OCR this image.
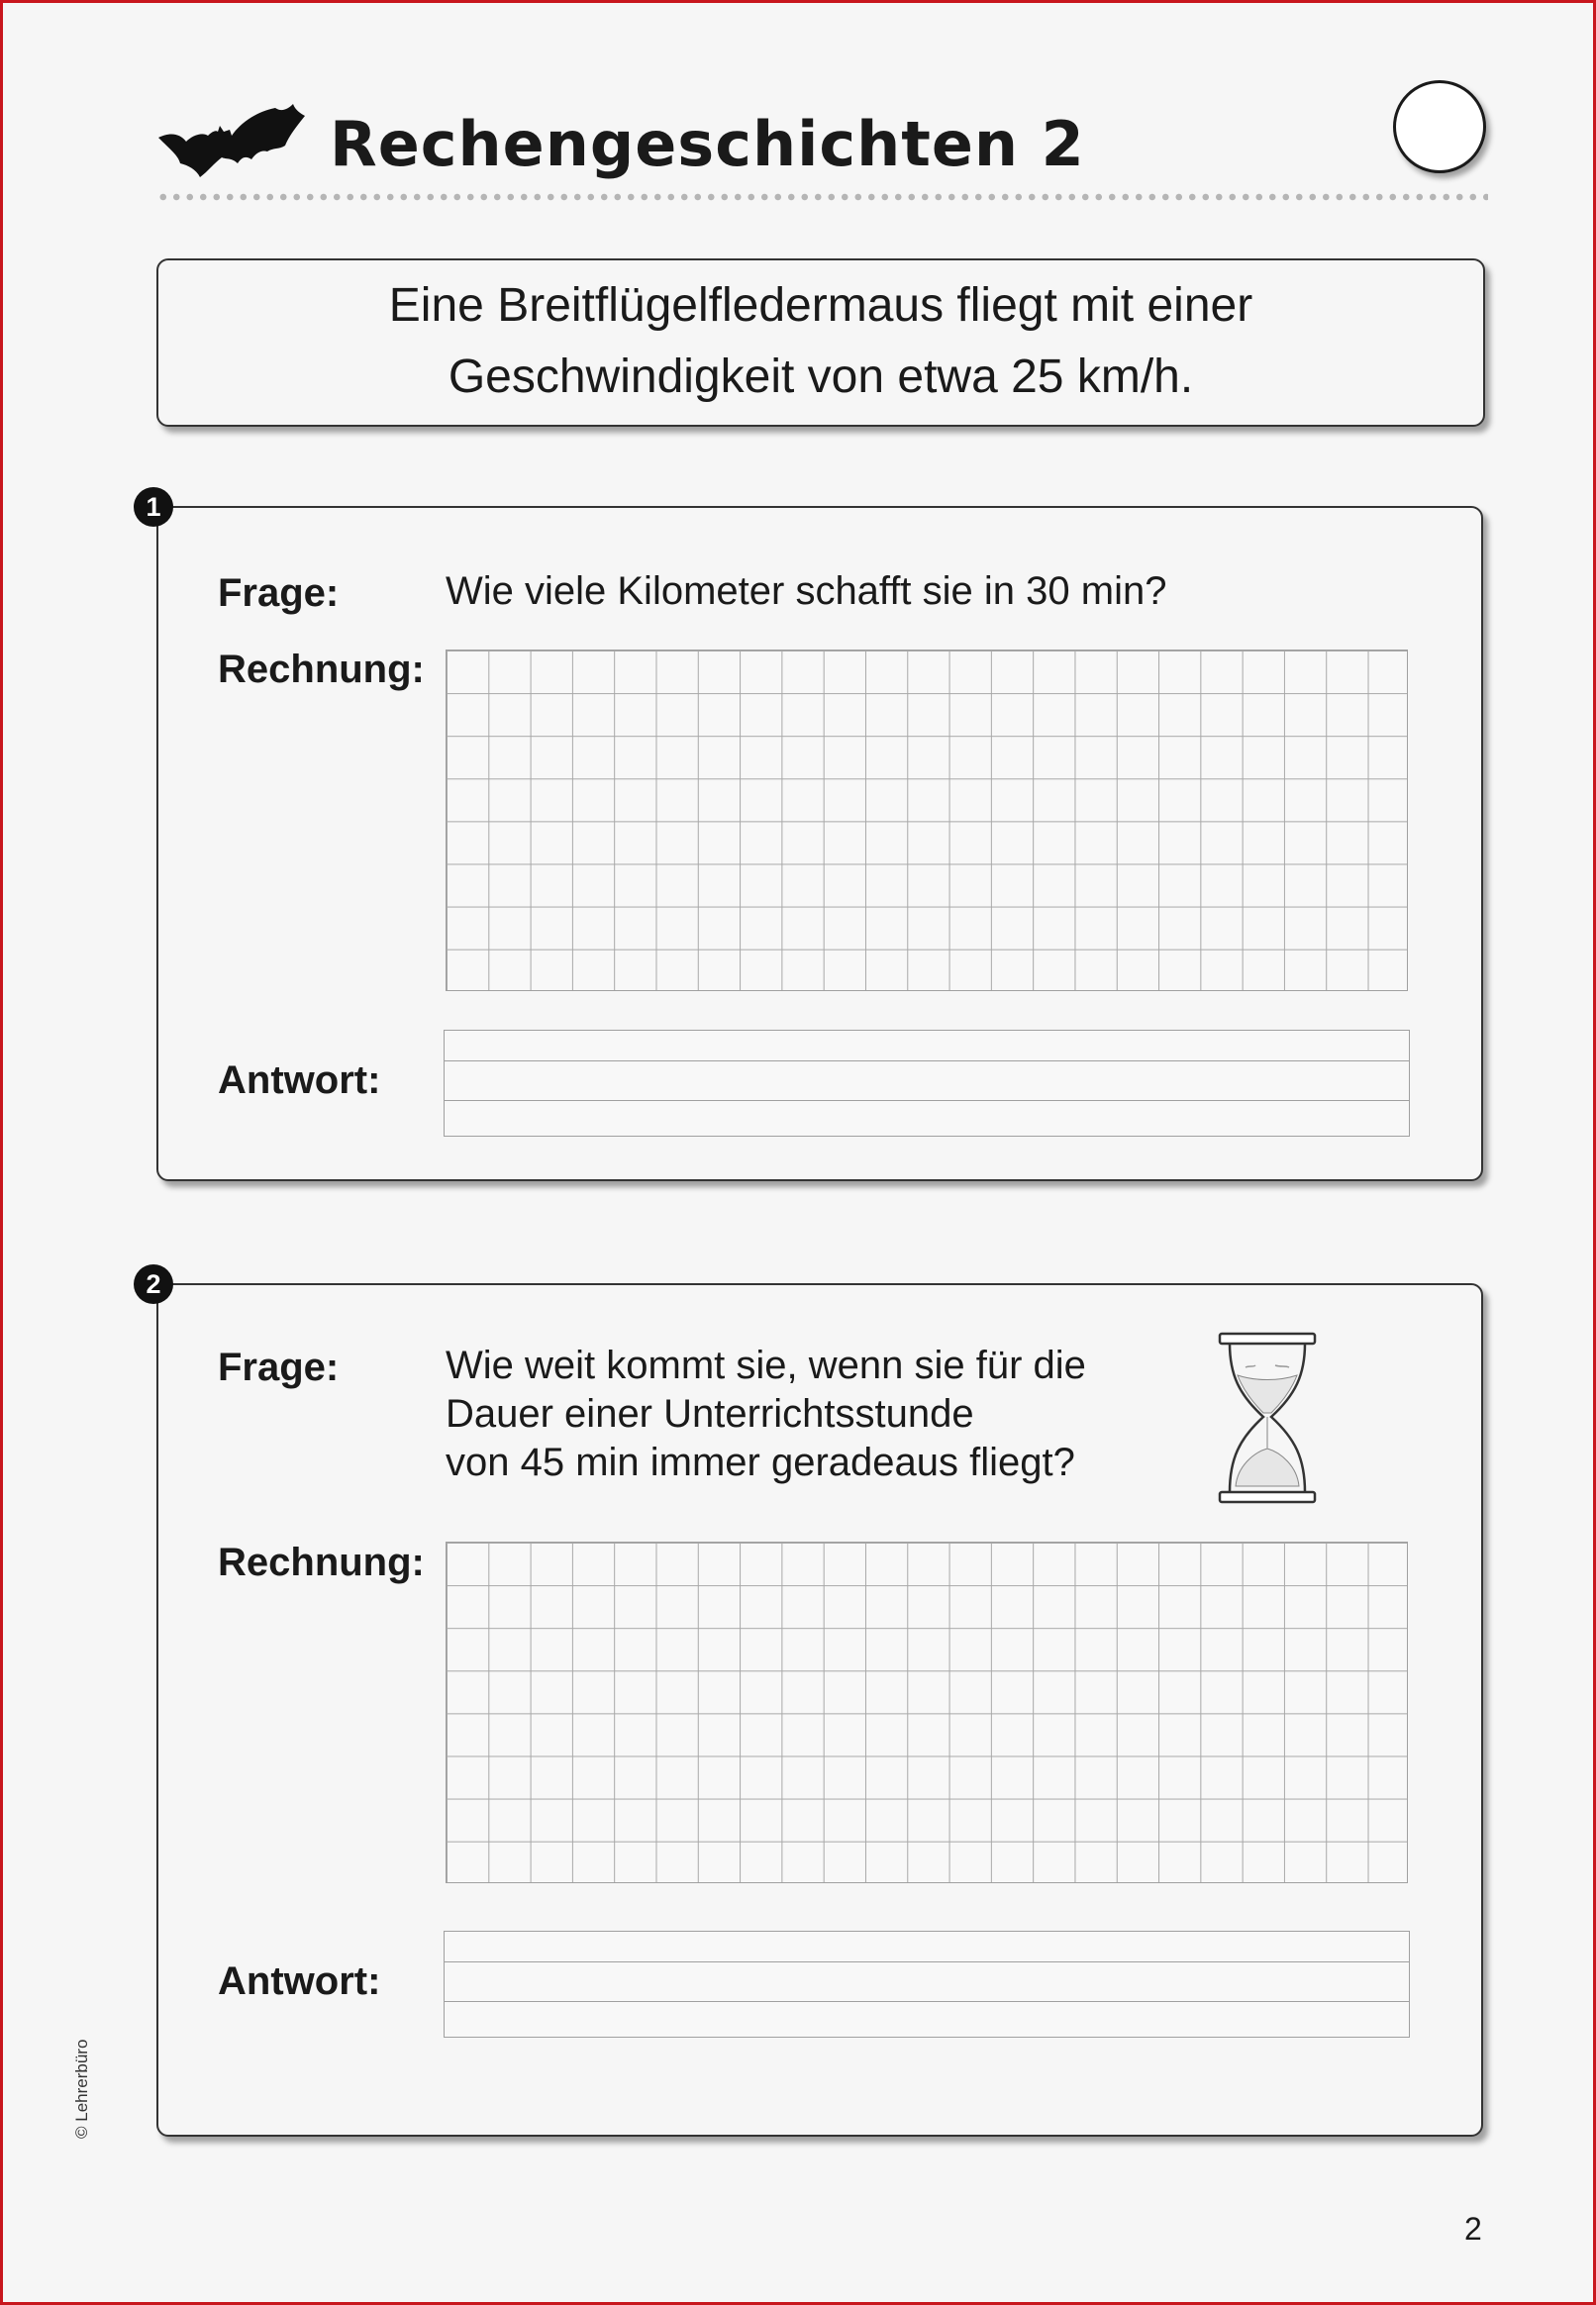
Rechengeschichten 2
Eine Breitflügelfledermaus fliegt mit einer
Geschwindigkeit von etwa 25 km/h.
1
Frage:	Wie viele Kilometer schafft sie in 30 min?
Rechnung:
Antwort:
2
Frage:	Wie weit kommt sie, wenn sie für die
Dauer einer Unterrichtsstunde
von 45 min immer geradeaus fliegt?
Rechnung:
Antwort:
© Lehrerbüro
2
